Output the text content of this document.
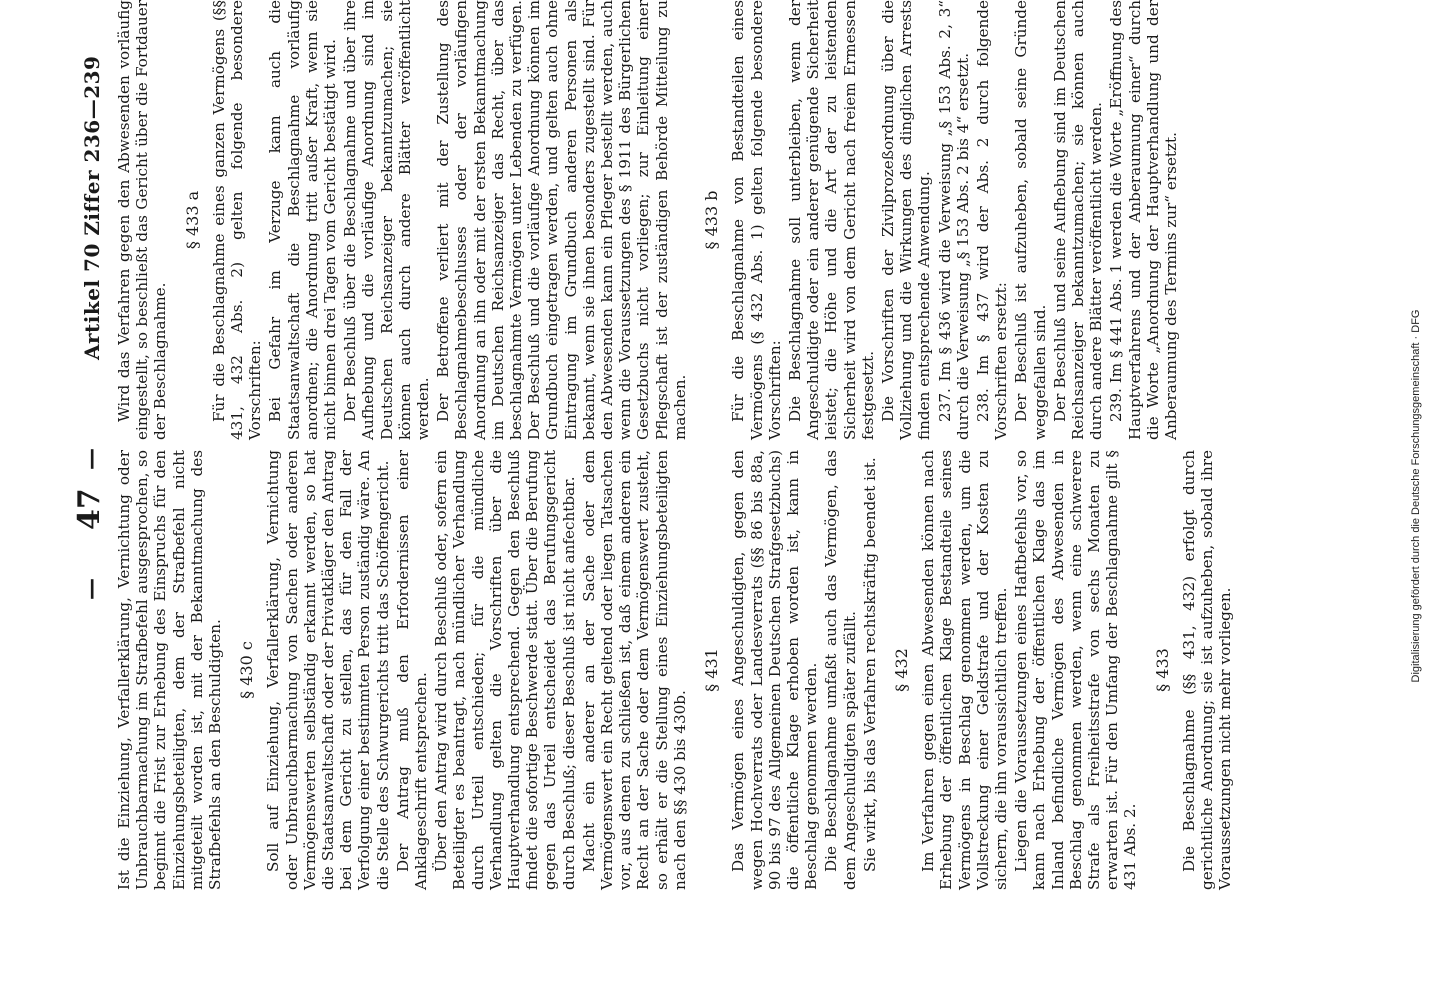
—
47
—
Artikel 70 Ziffer 236—239
Ist die Einziehung, Verfallerklärung, Vernichtung oder Unbrauchbarmachung im Strafbefehl ausgesprochen, so beginnt die Frist zur Erhebung des Einspruchs für den Einziehungsbeteiligten, dem der Strafbefehl nicht mitgeteilt worden ist, mit der Bekanntmachung des Strafbefehls an den Beschuldigten. § 430 c Soll auf Einziehung, Verfallerklärung, Vernichtung oder Unbrauchbarmachung von Sachen oder anderen Vermögenswerten selbständig erkannt werden, so hat die Staatsanwaltschaft oder der Privatkläger den Antrag bei dem Gericht zu stellen, das für den Fall der Verfolgung einer bestimmten Person zuständig wäre. An die Stelle des Schwurgerichts tritt das Schöffengericht. Der Antrag muß den Erfordernissen einer Anklageschrift entsprechen. Über den Antrag wird durch Beschluß oder, sofern ein Beteiligter es beantragt, nach mündlicher Verhandlung durch Urteil entschieden; für die mündliche Verhandlung gelten die Vorschriften über die Hauptverhandlung entsprechend. Gegen den Beschluß findet die sofortige Beschwerde statt. Über die Berufung gegen das Urteil entscheidet das Berufungsgericht durch Beschluß; dieser Beschluß ist nicht anfechtbar. Macht ein anderer an der Sache oder dem Vermögenswert ein Recht geltend oder liegen Tatsachen vor, aus denen zu schließen ist, daß einem anderen ein Recht an der Sache oder dem Vermögenswert zusteht, so erhält er die Stellung eines Einziehungsbeteiligten nach den §§ 430 bis 430b.
§ 431 Das Vermögen eines Angeschuldigten, gegen den wegen Hochverrats oder Landesverrats (§§ 86 bis 88a, 90 bis 97 des Allgemeinen Deutschen Strafgesetzbuchs) die öffentliche Klage erhoben worden ist, kann in Beschlag genommen werden. Die Beschlagnahme umfaßt auch das Vermögen, das dem Angeschuldigten später zufällt. Sie wirkt, bis das Verfahren rechtskräftig beendet ist. § 432 Im Verfahren gegen einen Abwesenden können nach Erhebung der öffentlichen Klage Bestandteile seines Vermögens in Beschlag genommen werden, um die Vollstreckung einer Geldstrafe und der Kosten zu sichern, die ihn voraussichtlich treffen. Liegen die Voraussetzungen eines Haftbefehls vor, so kann nach Erhebung der öffentlichen Klage das im Inland befindliche Vermögen des Abwesenden in Beschlag genommen werden, wenn eine schwerere Strafe als Freiheitsstrafe von sechs Monaten zu erwarten ist. Für den Umfang der Beschlagnahme gilt § 431 Abs. 2.
§ 433 Die Beschlagnahme (§§ 431, 432) erfolgt durch gerichtliche Anordnung; sie ist aufzuheben, sobald ihre Voraussetzungen nicht mehr vorliegen.
Wird das Verfahren gegen den Abwesenden vorläufig eingestellt, so beschließt das Gericht über die Fortdauer der Beschlagnahme.
§ 433 a Für die Beschlagnahme eines ganzen Vermögens (§§ 431, 432 Abs. 2) gelten folgende besondere Vorschriften: Bei Gefahr im Verzuge kann auch die Staatsanwaltschaft die Beschlagnahme vorläufig anordnen; die Anordnung tritt außer Kraft, wenn sie nicht binnen drei Tagen vom Gericht bestätigt wird. Der Beschluß über die Beschlagnahme und über ihre Aufhebung und die vorläufige Anordnung sind im Deutschen Reichsanzeiger bekanntzumachen; sie können auch durch andere Blätter veröffentlicht werden. Der Betroffene verliert mit der Zustellung des Beschlagnahmebeschlusses oder der vorläufigen Anordnung an ihn oder mit der ersten Bekanntmachung im Deutschen Reichsanzeiger das Recht, über das beschlagnahmte Vermögen unter Lebenden zu verfügen. Der Beschluß und die vorläufige Anordnung können im Grundbuch eingetragen werden, und gelten auch ohne Eintragung im Grundbuch anderen Personen als bekannt, wenn sie ihnen besonders zugestellt sind. Für den Abwesenden kann ein Pfleger bestellt werden, auch wenn die Voraussetzungen des § 1911 des Bürgerlichen Gesetzbuchs nicht vorliegen; zur Einleitung einer Pflegschaft ist der zuständigen Behörde Mitteilung zu machen.
§ 433 b Für die Beschlagnahme von Bestandteilen eines Vermögens (§ 432 Abs. 1) gelten folgende besondere Vorschriften: Die Beschlagnahme soll unterbleiben, wenn der Angeschuldigte oder ein anderer genügende Sicherheit leistet; die Höhe und die Art der zu leistenden Sicherheit wird von dem Gericht nach freiem Ermessen festgesetzt. Die Vorschriften der Zivilprozeßordnung über die Vollziehung und die Wirkungen des dinglichen Arrests finden entsprechende Anwendung. 237. Im § 436 wird die Verweisung „§ 153 Abs. 2, 3“ durch die Verweisung „§ 153 Abs. 2 bis 4“ ersetzt. 238. Im § 437 wird der Abs. 2 durch folgende Vorschriften ersetzt: Der Beschluß ist aufzuheben, sobald seine Gründe weggefallen sind. Der Beschluß und seine Aufhebung sind im Deutschen Reichsanzeiger bekanntzumachen; sie können auch durch andere Blätter veröffentlicht werden. 239. Im § 441 Abs. 1 werden die Worte „Eröffnung des Hauptverfahrens und der Anberaumung einer“ durch die Worte „Anordnung der Hauptverhandlung und der Anberaumung des Termins zur“ ersetzt.
Digitalisierung gefördert durch die Deutsche Forschungsgemeinschaft · DFG
